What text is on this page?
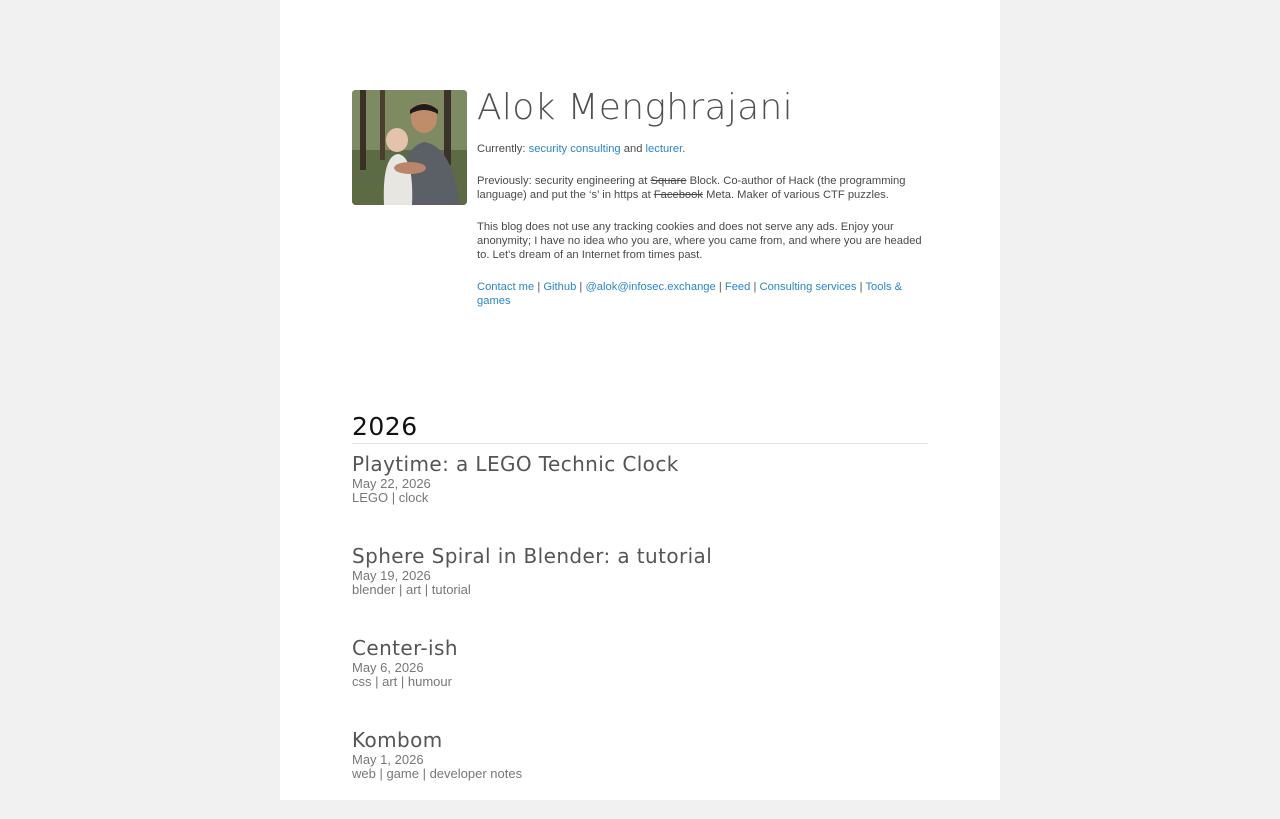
Alok Menghrajani

Currently: security consulting and lecturer.

Previously: security engineering at Square Block. Co-author of Hack (the programming language) and put the ‘s’ in https at Facebook Meta. Maker of various CTF puzzles.

This blog does not use any tracking cookies and does not serve any ads. Enjoy your anonymity; I have no idea who you are, where you came from, and where you are headed to. Let's dream of an Internet from times past.

Contact me | Github | @alok@infosec.exchange | Feed | Consulting services | Tools & games

2026
Playtime: a LEGO Technic Clock
May 22, 2026
LEGO | clock
Sphere Spiral in Blender: a tutorial
May 19, 2026
blender | art | tutorial
Center-ish
May 6, 2026
css | art | humour
Kombom
May 1, 2026
web | game | developer notes
